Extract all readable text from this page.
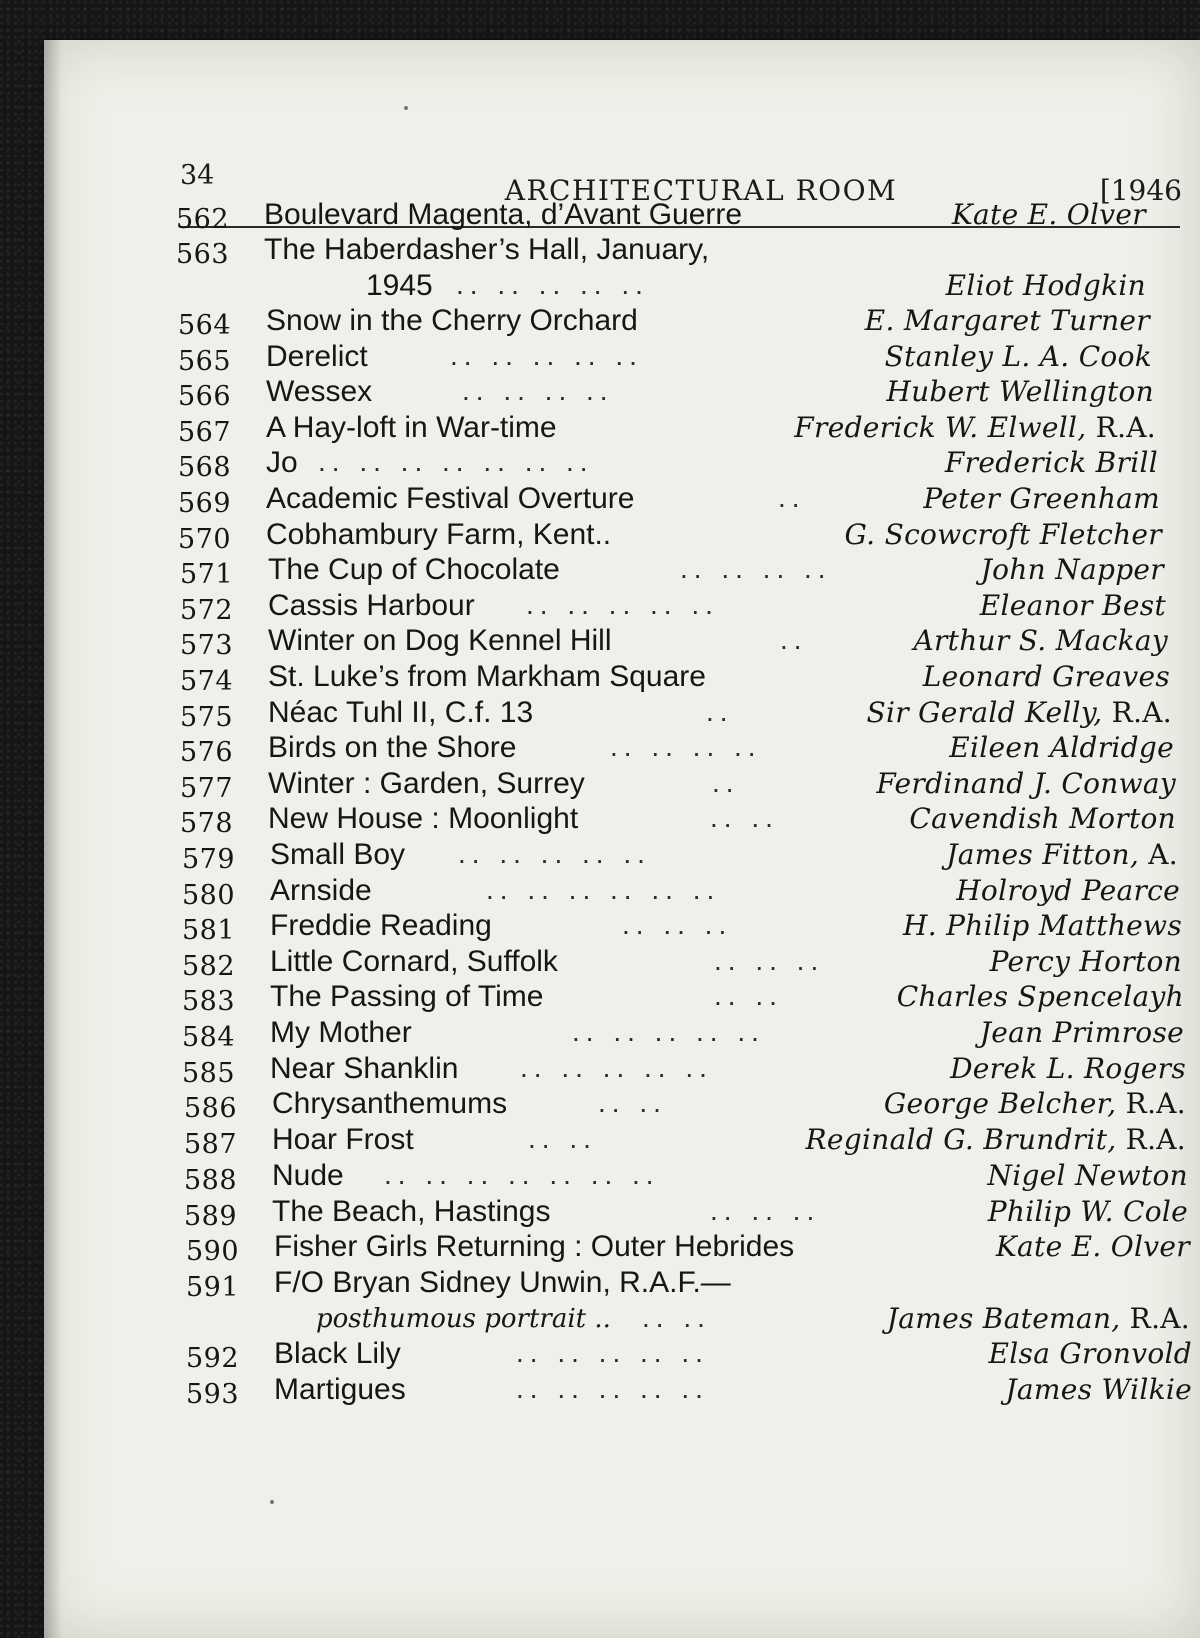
34	ARCHITECTURAL ROOM	[1946
562 Boulevard Magenta, d’Avant Guerre	Kate E. Olver
563 The Haberdasher’s Hall, January,
1945 .. .. .. .. ..	Eliot Hodgkin
564 Snow in the Cherry Orchard	E. Margaret Turner
565 Derelict	.. .. .. .. ..	Stanley L. A. Cook
566 Wessex	.. .. .. ..	Hubert Wellington
567 A Hay-loft in War-time	Frederick W. Elwell, R.A.
568 Jo .. .. .. .. .. .. ..	Frederick Brill
569 Academic Festival Overture	..	Peter Greenham
570 Cobhambury Farm, Kent..	G. Scowcroft Fletcher
571 The Cup of Chocolate	.. .. .. ..	John Napper
572 Cassis Harbour .. .. .. .. ..	Eleanor Best
573 Winter on Dog Kennel Hill	..	Arthur S. Mackay
574 St. Luke’s from Markham Square	Leonard Greaves
575 Néac Tuhl II, C.f. 13	..	Sir Gerald Kelly, R.A.
576 Birds on the Shore	.. .. .. ..	Eileen Aldridge
577 Winter : Garden, Surrey	..	Ferdinand J. Conway
578 New House : Moonlight	.. ..	Cavendish Morton
579 Small Boy .. .. .. .. ..	James Fitton, A.
580 Arnside	.. .. .. .. .. ..	Holroyd Pearce
581 Freddie Reading	.. .. ..	H. Philip Matthews
582 Little Cornard, Suffolk	.. .. ..	Percy Horton
583 The Passing of Time	.. ..	Charles Spencelayh
584 My Mother	.. .. .. .. ..	Jean Primrose
585 Near Shanklin .. .. .. .. ..	Derek L. Rogers
586 Chrysanthemums	.. ..	George Belcher, R.A.
587 Hoar Frost	.. ..	Reginald G. Brundrit, R.A.
588 Nude .. .. .. .. .. .. ..	Nigel Newton
589 The Beach, Hastings	.. .. ..	Philip W. Cole
590 Fisher Girls Returning : Outer Hebrides	Kate E. Olver
591 F/O Bryan Sidney Unwin, R.A.F.—
posthumous portrait .. .. ..	James Bateman, R.A.
592 Black Lily	.. .. .. .. ..	Elsa Gronvold
593 Martigues	.. .. .. .. ..	James Wilkie
